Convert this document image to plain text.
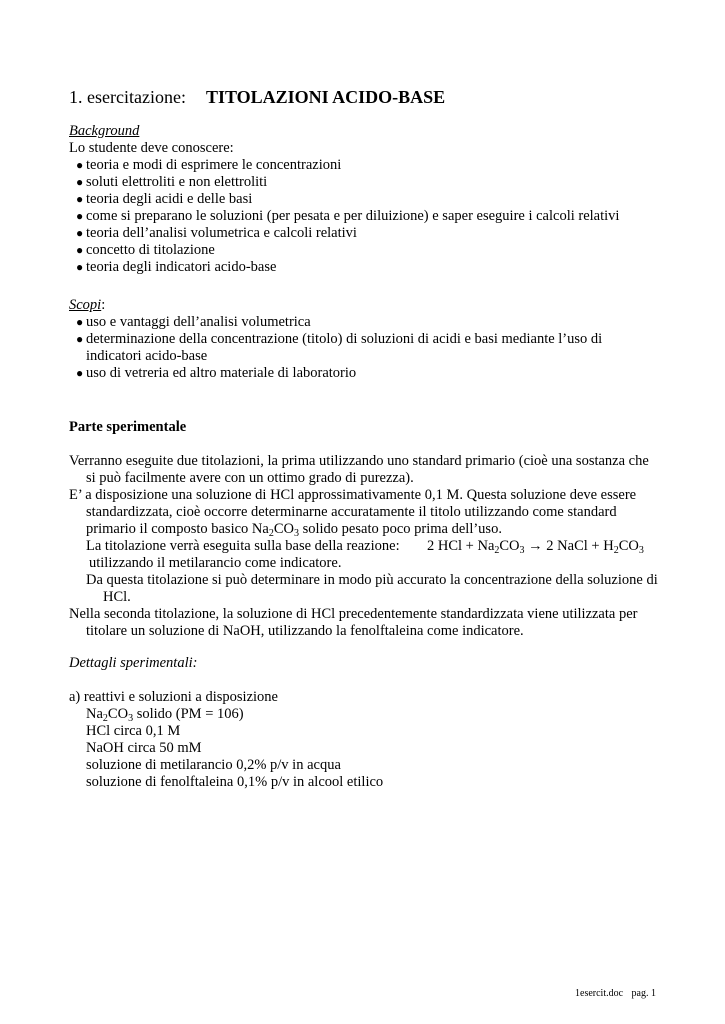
1. esercitazione: TITOLAZIONI ACIDO-BASE
Background
Lo studente deve conoscere:
● teoria e modi di esprimere le concentrazioni
● soluti elettroliti e non elettroliti
● teoria degli acidi e delle basi
● come si preparano le soluzioni (per pesata e per diluizione) e saper eseguire i calcoli relativi
● teoria dell’analisi volumetrica e calcoli relativi
● concetto di titolazione
● teoria degli indicatori acido-base
Scopi:
● uso e vantaggi dell’analisi volumetrica
● determinazione della concentrazione (titolo) di soluzioni di acidi e basi mediante l’uso di indicatori acido-base
● uso di vetreria ed altro materiale di laboratorio
Parte sperimentale

Verranno eseguite due titolazioni, la prima utilizzando uno standard primario (cioè una sostanza che si può facilmente avere con un ottimo grado di purezza).

E’ a disposizione una soluzione di HCl approssimativamente 0,1 M. Questa soluzione deve essere standardizzata, cioè occorre determinarne accuratamente il titolo utilizzando come standard primario il composto basico $Na_2CO_3$ solido pesato poco prima dell’uso.

La titolazione verrà eseguita sulla base della reazione: 2 HCl + $Na_2CO_3 \to 2$ NaCl + $H_2CO_3$
utilizzando il metilarancio come indicatore.

Da questa titolazione si può determinare in modo più accurato la concentrazione della soluzione di HCl.

Nella seconda titolazione, la soluzione di HCl precedentemente standardizzata viene utilizzata per titolare un soluzione di NaOH, utilizzando la fenolftaleina come indicatore.

Dettagli sperimentali:
a) reattivi e soluzioni a disposizione
$Na_2CO_3$ solido (PM = 106)
HCl circa 0,1 M
NaOH circa 50 mM
soluzione di metilarancio 0,2% p/v in acqua
soluzione di fenolftaleina 0,1% p/v in alcool etilico
1esercit.doc pag. 1
